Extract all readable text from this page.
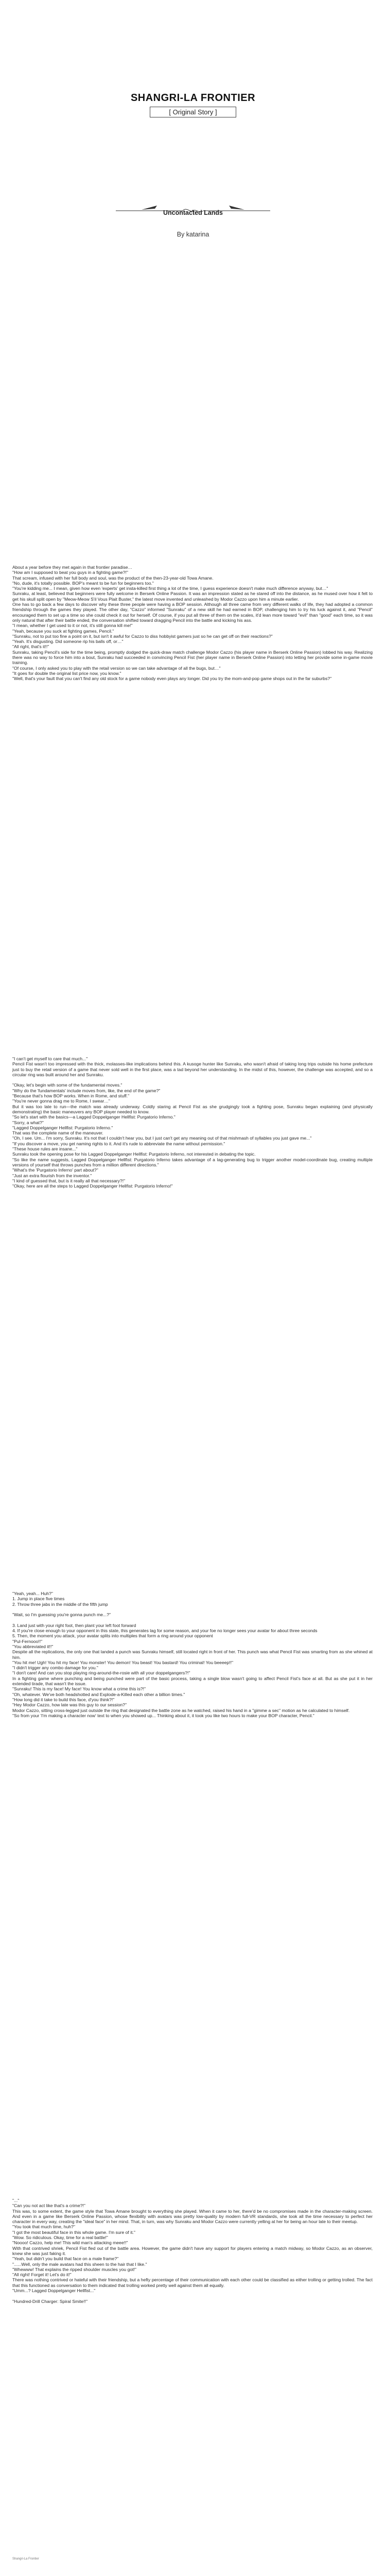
SHANGRI-LA FRONTIER
[ Original Story ]
Uncontacted Lands
By katarina

About a year before they met again in that frontier paradise…

"How am I supposed to beat you guys in a fighting game?!"

That scream, infused with her full body and soul, was the product of the then-23-year-old Towa Amane.

"No, dude, it's totally possible. BOP's meant to be fun for beginners too."

"You're kidding me... I mean, given how even 'experts' get insta-killed first thing a lot of the time, I guess experience doesn't make much difference anyway, but…"

Sunraku, at least, believed that beginners were fully welcome in Berserk Online Passion. It was an impression stated as he stared off into the distance, as he mused over how it felt to get his skull split open by "Meow-Meow S'il Vous Plait Buster," the latest move invented and unleashed by Modor Cazzo upon him a minute earlier.

One has to go back a few days to discover why these three people were having a BOP session. Although all three came from very different walks of life, they had adopted a common friendship through the games they played. The other day, "Cazzo" informed "Sunraku" of a new skill he had earned in BOP, challenging him to try his luck against it, and "Pencil" encouraged them to set up a time so she could check it out for herself. Of course, if you put all three of them on the scales, it'd lean more toward "evil" than "good" each time, so it was only natural that after their battle ended, the conversation shifted toward dragging Pencil into the battle and kicking his ass.

"I mean, whether I get used to it or not, it's still gonna kill me!"

"Yeah, because you suck at fighting games, Pencil."

"Sunraku, not to put too fine a point on it, but isn't it awful for Cazzo to diss hobbyist gamers just so he can get off on their reactions?"

"Yeah. It's disgusting. Did someone rip his balls off, or…"

"All right, that's it!!"

Sunraku, taking Pencil's side for the time being, promptly dodged the quick-draw match challenge Modor Cazzo (his player name in Berserk Online Passion) lobbed his way. Realizing there was no way to force him into a bout, Sunraku had succeeded in convincing Pencil Fist (her player name in Berserk Online Passion) into letting her provide some in-game movie training.

"Of course, I only asked you to play with the retail version so we can take advantage of all the bugs, but…"

"It goes for double the original list price now, you know."

"Well, that's your fault that you can't find any old stock for a game nobody even plays any longer. Did you try the mom-and-pop game shops out in the far suburbs?"

"I can't get myself to care that much..."

Pencil Fist wasn't too impressed with the thick, molasses-like implications behind this. A kusoge hunter like Sunraku, who wasn't afraid of taking long trips outside his home prefecture just to buy the retail version of a game that never sold well in the first place, was a tad beyond her understanding. In the midst of this, however, the challenge was accepted, and so a circular ring was built around her and Sunraku.

"Okay, let's begin with some of the fundamental moves."

"Why do the 'fundamentals' include moves from, like, the end of the game?"

"Because that's how BOP works. When in Rome, and stuff."

"You're never gonna drag me to Rome, I swear…"

But it was too late to run—the match was already underway. Coldly staring at Pencil Fist as she grudgingly took a fighting pose, Sunraku began explaining (and physically demonstrating) the basic maneuvers any BOP player needed to know.

"So let's start with the basics—a Lagged Doppelganger Hellfist: Purgatorio Inferno."

"Sorry, a what?"

"Lagged Doppelganger Hellfist: Purgatorio Inferno."

That was the complete name of the maneuver.

"Oh, I see. Um... I'm sorry, Sunraku. It's not that I couldn't hear you, but I just can't get any meaning out of that mishmash of syllables you just gave me..."

"If you discover a move, you get naming rights to it. And it's rude to abbreviate the name without permission."

"These house rules are insane..."

Sunraku took the opening pose for his Lagged Doppelganger Hellfist: Purgatorio Inferno, not interested in debating the topic.

"So like the name suggests, Lagged Doppelganger Hellfist: Purgatorio Inferno takes advantage of a lag-generating bug to trigger another model-coordinate bug, creating multiple versions of yourself that throws punches from a million different directions."

"What's the 'Purgatorio Inferno' part about?"

"Just an extra flourish from the inventor."

"I kind of guessed that, but is it really all that necessary?!"

"Okay, here are all the steps to Lagged Doppelganger Hellfist: Purgatorio Inferno!"

"Yeah, yeah... Huh?"

1. Jump in place five times

2. Throw three jabs in the middle of the fifth jump

"Wait, so I'm guessing you're gonna punch me...?"

3. Land just with your right foot, then plant your left foot forward

4. If you're close enough to your opponent in this state, this generates lag for some reason, and your foe no longer sees your avatar for about three seconds

5. Then, the moment you attack, your avatar splits into multiples that form a ring around your opponent

"Pul-Fernooo!!"

"You abbreviated it!!"

Despite all the replications, the only one that landed a punch was Sunraku himself, still located right in front of her. This punch was what Pencil Fist was smarting from as she whined at him.

"You hit me! Ugh! You hit my face! You monster! You demon! You beast! You bastard! You criminal! You beeeep!!"

"I didn't trigger any combo damage for you."

"I don't care! And can you stop playing ring-around-the-rosie with all your doppelgangers?!"

In a fighting game where punching and being punched were part of the basic process, taking a single blow wasn't going to affect Pencil Fist's face at all. But as she put it in her extended tirade, that wasn't the issue.

"Sunraku! This is my face! My face! You know what a crime this is?!"

"Oh, whatever. We've both headshotted and Explode-a-Killed each other a billion times."

"How long did it take to build this face, d'you think?!"

"Hey Modor Cazzo, how late was this guy to our session?"

Modor Cazzo, sitting cross-legged just outside the ring that designated the battle zone as he watched, raised his hand in a "gimme a sec" motion as he calculated to himself.

"So from your 'I'm making a character now' text to when you showed up... Thinking about it, it took you like two hours to make your BOP character, Pencil."

"..."

"Can you not act like that's a crime?!"

This was, to some extent, the game style that Towa Amane brought to everything she played. When it came to her, there'd be no compromises made in the character-making screen. And even in a game like Berserk Online Passion, whose flexibility with avatars was pretty low-quality by modern full-VR standards, she took all the time necessary to perfect her character in every way, creating the "ideal face" in her mind. That, in turn, was why Sunraku and Modor Cazzo were currently yelling at her for being an hour late to their meetup.

"You took that much time, huh?"

"I got the most beautiful face in this whole game. I'm sure of it."

"Wow. So ridiculous. Okay, time for a real battle!"

"Noooo! Cazzo, help me! This wild man's attacking meee!!"

With that contrived shriek, Pencil Fist fled out of the battle area. However, the game didn't have any support for players entering a match midway, so Modor Cazzo, as an observer, knew she was just faking it.

"Yeah, but didn't you build that face on a male frame?"

"......Well, only the male avatars had this sheen to the hair that I like."

"Whewww! That explains the ripped shoulder muscles you got!"

"All right! Forget it! Let's do it!"

There was nothing contrived or hateful with their friendship, but a hefty percentage of their communication with each other could be classified as either trolling or getting trolled. The fact that this functioned as conversation to them indicated that trolling worked pretty well against them all equally.

"Umm...? Lagged Doppelganger Hellfist..."

"Hundred-Drill Charger: Spiral Smite!!"

Shangri-La Frontier
